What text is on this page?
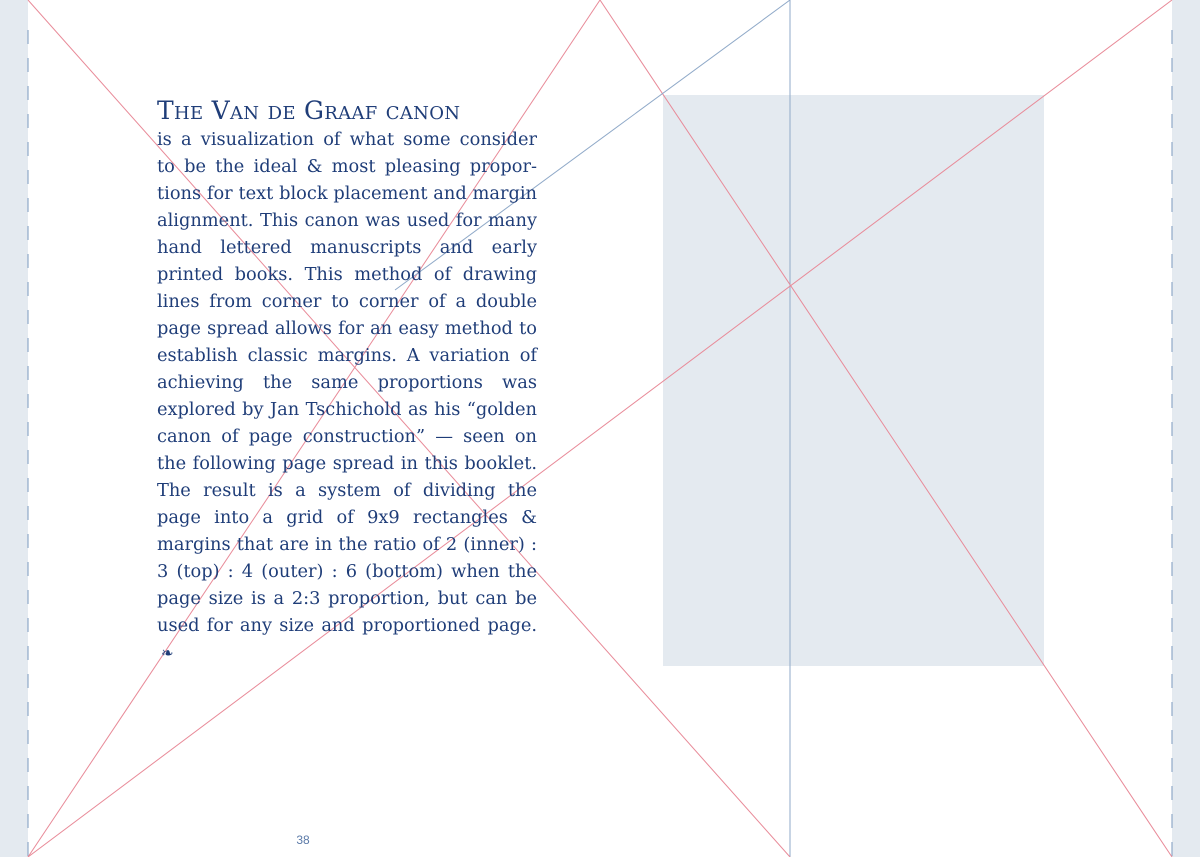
The Van de Graaf canon
is a visualization of what some consider to be the ideal & most pleasing proportions for text block placement and margin alignment. This canon was used for many hand lettered manuscripts and early printed books. This method of drawing lines from corner to corner of a double page spread allows for an easy method to establish classic margins. A variation of achieving the same proportions was explored by Jan Tschichold as his “golden canon of page construction” — seen on the following page spread in this booklet. The result is a system of dividing the page into a grid of 9x9 rectangles & margins that are in the ratio of 2 (inner) : 3 (top) : 4 (outer) : 6 (bottom) when the page size is a 2:3 proportion, but can be used for any size and proportioned page.❧
38
